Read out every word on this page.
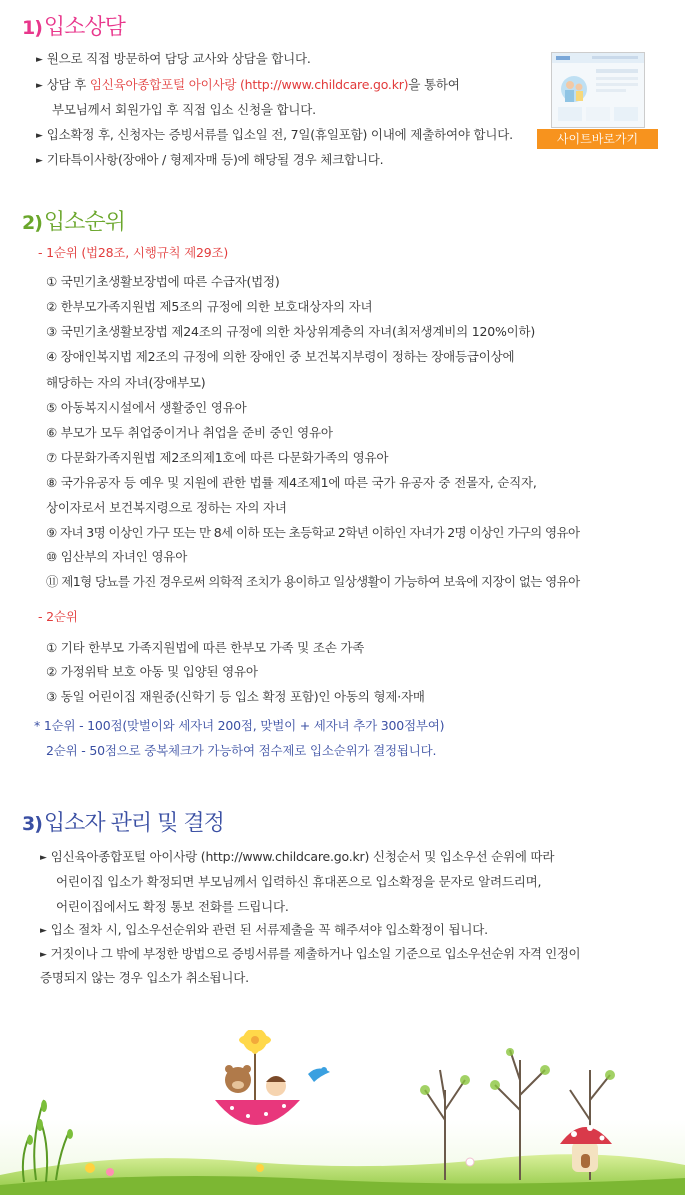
1)입소상담
► 원으로 직접 방문하여 담당 교사와 상담을 합니다.
► 상담 후 임신육아종합포털 아이사랑 (http://www.childcare.go.kr)을 통하여
부모님께서 회원가입 후 직접 입소 신청을 합니다.
► 입소확정 후, 신청자는 증빙서류를 입소일 전, 7일(휴일포함) 이내에 제출하여야 합니다.
► 기타특이사항(장애아 / 형제자매 등)에 해당될 경우 체크합니다.
사이트바로가기
2)입소순위
- 1순위 (법28조, 시행규칙 제29조)
① 국민기초생활보장법에 따른 수급자(법정)
② 한부모가족지원법 제5조의 규정에 의한 보호대상자의 자녀
③ 국민기초생활보장법 제24조의 규정에 의한 차상위계층의 자녀(최저생계비의 120%이하)
④ 장애인복지법 제2조의 규정에 의한 장애인 중 보건복지부령이 정하는 장애등급이상에
해당하는 자의 자녀(장애부모)
⑤ 아동복지시설에서 생활중인 영유아
⑥ 부모가 모두 취업중이거나 취업을 준비 중인 영유아
⑦ 다문화가족지원법 제2조의제1호에 따른 다문화가족의 영유아
⑧ 국가유공자 등 예우 및 지원에 관한 법률 제4조제1에 따른 국가 유공자 중 전몰자, 순직자,
상이자로서 보건복지령으로 정하는 자의 자녀
⑨ 자녀 3명 이상인 가구 또는 만 8세 이하 또는 초등학교 2학년 이하인 자녀가 2명 이상인 가구의 영유아
⑩ 임산부의 자녀인 영유아
⑪ 제1형 당뇨를 가진 경우로써 의학적 조치가 용이하고 일상생활이 가능하여 보육에 지장이 없는 영유아
- 2순위
① 기타 한부모 가족지원법에 따른 한부모 가족 및 조손 가족
② 가정위탁 보호 아동 및 입양된 영유아
③ 동일 어린이집 재원중(신학기 등 입소 확정 포함)인 아동의 형제·자매
* 1순위 - 100점(맞벌이와 세자녀 200점, 맞벌이 + 세자녀 추가 300점부여)
2순위 - 50점으로 중복체크가 가능하여 점수제로 입소순위가 결정됩니다.
3)입소자 관리 및 결정
► 임신육아종합포털 아이사랑 (http://www.childcare.go.kr) 신청순서 및 입소우선 순위에 따라
어린이집 입소가 확정되면 부모님께서 입력하신 휴대폰으로 입소확정을 문자로 알려드리며,
어린이집에서도 확정 통보 전화를 드립니다.
► 입소 절차 시, 입소우선순위와 관련 된 서류제출을 꼭 해주셔야 입소확정이 됩니다.
► 거짓이나 그 밖에 부정한 방법으로 증빙서류를 제출하거나 입소일 기준으로 입소우선순위 자격 인정이
증명되지 않는 경우 입소가 취소됩니다.
